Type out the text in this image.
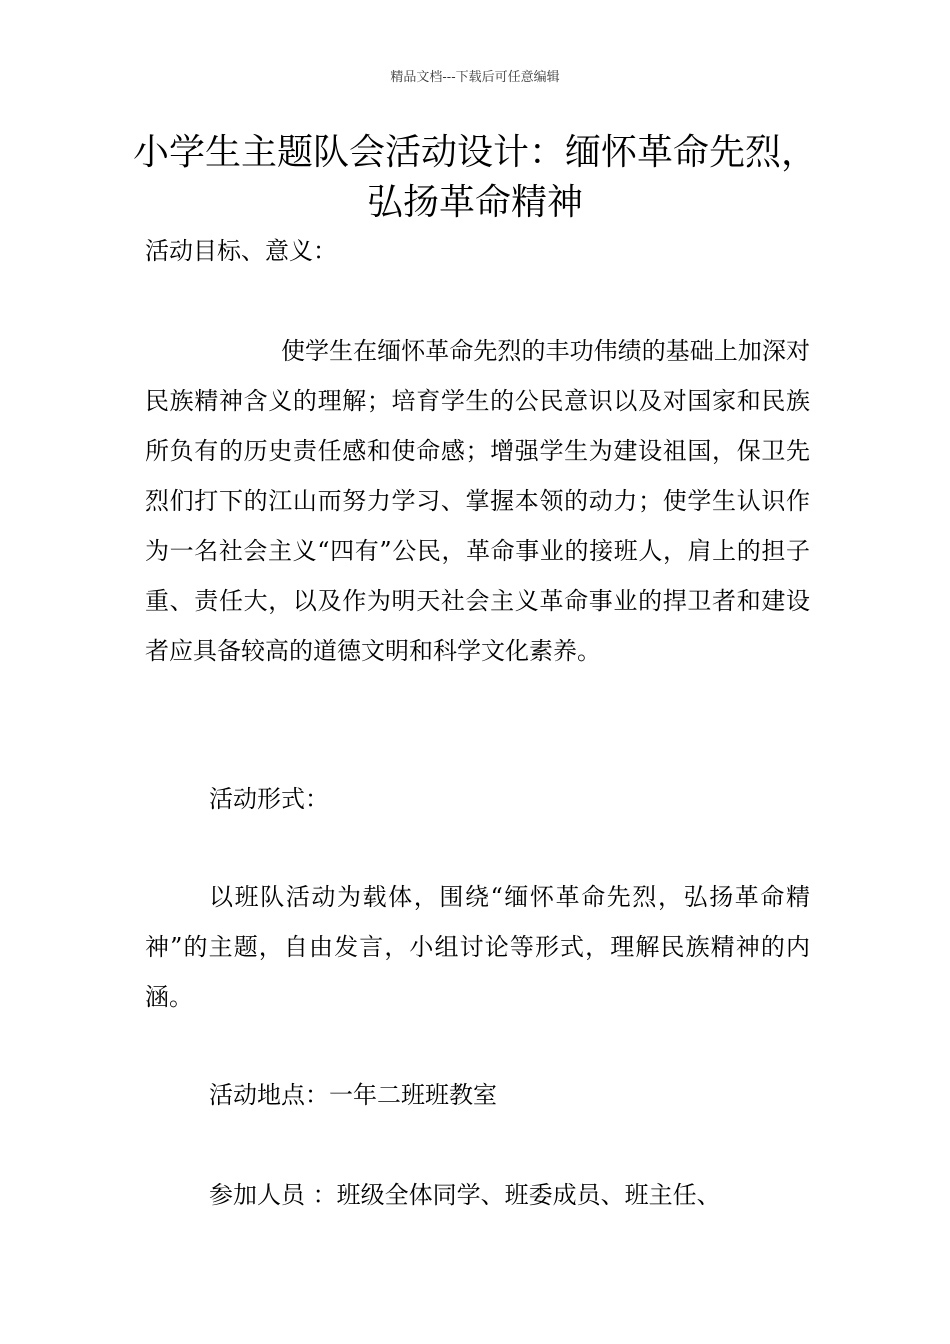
精品文档---下载后可任意编辑
小学生主题队会活动设计：缅怀革命先烈，弘扬革命精神

活动目标、意义：

使学生在缅怀革命先烈的丰功伟绩的基础上加深对民族精神含义的理解；培育学生的公民意识以及对国家和民族所负有的历史责任感和使命感；增强学生为建设祖国，保卫先烈们打下的江山而努力学习、掌握本领的动力；使学生认识作为一名社会主义“四有”公民，革命事业的接班人，肩上的担子重、责任大，以及作为明天社会主义革命事业的捍卫者和建设者应具备较高的道德文明和科学文化素养。

活动形式：

以班队活动为载体，围绕“缅怀革命先烈，弘扬革命精神”的主题，自由发言，小组讨论等形式，理解民族精神的内涵。

活动地点：一年二班班教室

参加人员 ：班级全体同学、班委成员、班主任、
